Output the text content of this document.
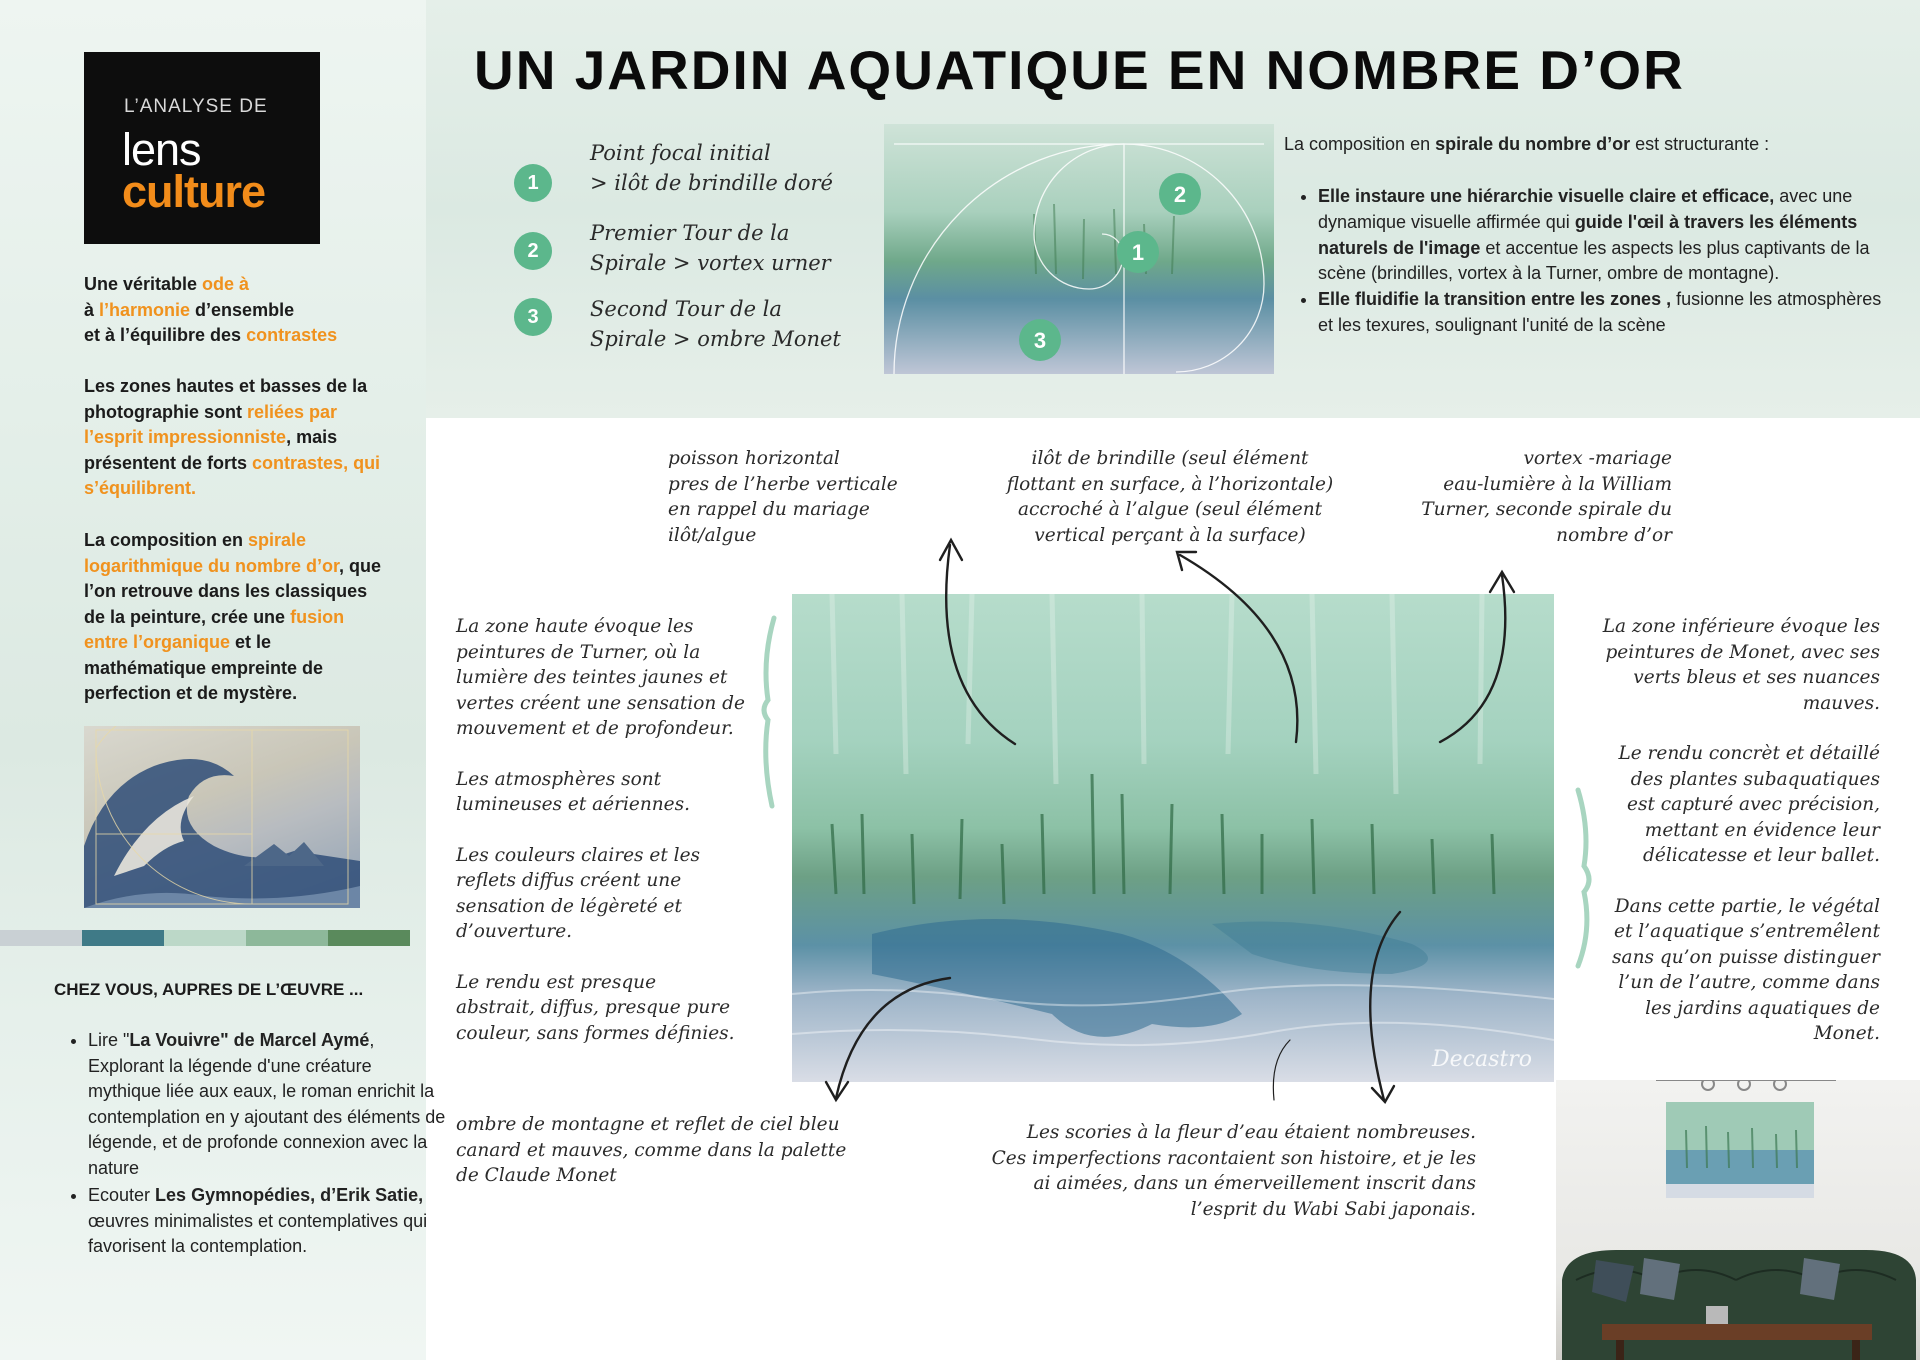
L’ANALYSE DE
lens
culture
Une véritable ode à
à l’harmonie d’ensemble
et à l’équilibre des contrastes
Les zones hautes et basses de la photographie sont reliées par l’esprit impressionniste, mais présentent de forts contrastes, qui s’équilibrent.
La composition en spirale logarithmique du nombre d’or, que l’on retrouve dans les classiques de la peinture, crée une fusion entre l’organique et le mathématique empreinte de perfection et de mystère.
CHEZ VOUS, AUPRES DE L’ŒUVRE ...
• Lire "La Vouivre" de Marcel Aymé, Explorant la légende d'une créature mythique liée aux eaux, le roman enrichit la contemplation en y ajoutant des éléments de légende, et de profonde connexion avec la nature
• Ecouter Les Gymnopédies, d’Erik Satie, œuvres minimalistes et contemplatives qui favorisent la contemplation.
UN JARDIN AQUATIQUE EN NOMBRE D’OR
1
Point focal initial
> ilôt de brindille doré
2
Premier Tour de la
Spirale > vortex urner
3	Second Tour de la
Spirale > ombre Monet
2
1
3
La composition en spirale du nombre d’or est structurante :
• Elle instaure une hiérarchie visuelle claire et efficace, avec une dynamique visuelle affirmée qui guide l'œil à travers les éléments naturels de l'image et accentue les aspects les plus captivants de la scène (brindilles, vortex à la Turner, ombre de montagne).
• Elle fluidifie la transition entre les zones , fusionne les atmosphères et les texures, soulignant l'unité de la scène
poisson horizontal
pres de l’herbe verticale
en rappel du mariage
ilôt/algue
ilôt de brindille (seul élément
flottant en surface, à l’horizontale)
accroché à l’algue (seul élément
vertical perçant à la surface)
vortex -mariage
eau-lumière à la William
Turner, seconde spirale du
nombre d’or
La zone haute évoque les
peintures de Turner, où la
lumière des teintes jaunes et
vertes créent une sensation de
mouvement et de profondeur.
Les atmosphères sont
lumineuses et aériennes.
Les couleurs claires et les
reflets diffus créent une
sensation de légèreté et
d’ouverture.
Le rendu est presque
abstrait, diffus, presque pure
couleur, sans formes définies.
La zone inférieure évoque les
peintures de Monet, avec ses
verts bleus et ses nuances
mauves.
Le rendu concrèt et détaillé
des plantes subaquatiques
est capturé avec précision,
mettant en évidence leur
délicatesse et leur ballet.
Dans cette partie, le végétal
et l’aquatique s’entremêlent
sans qu’on puisse distinguer
l’un de l’autre, comme dans
les jardins aquatiques de
Monet.
ombre de montagne et reflet de ciel bleu
canard et mauves, comme dans la palette
de Claude Monet
Les scories à la fleur d’eau étaient nombreuses.
Ces imperfections racontaient son histoire, et je les
ai aimées, dans un émerveillement inscrit dans
l’esprit du Wabi Sabi japonais.
Decastro
